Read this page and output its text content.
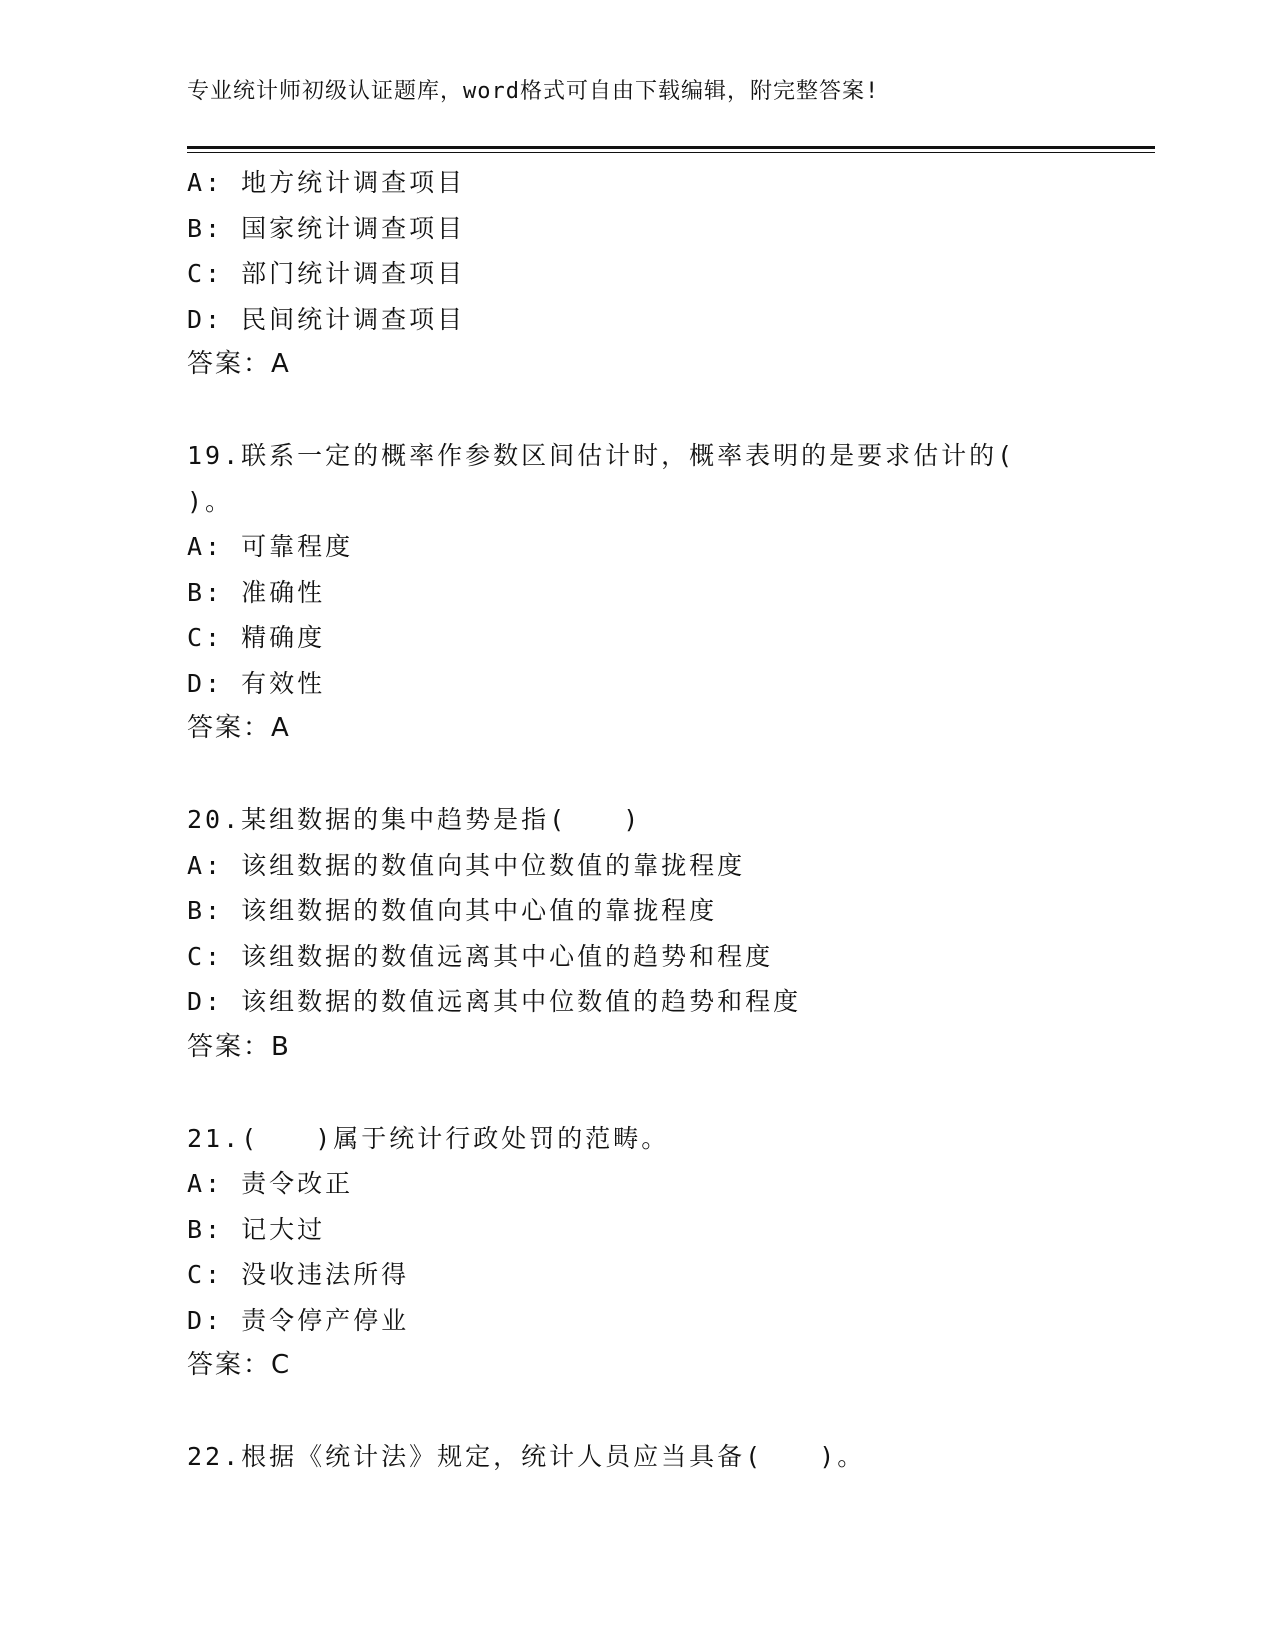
专业统计师初级认证题库，word格式可自由下载编辑，附完整答案!
A: 地方统计调查项目
B: 国家统计调查项目
C: 部门统计调查项目
D: 民间统计调查项目
答案：A
19.联系一定的概率作参数区间估计时，概率表明的是要求估计的(
)。
A: 可靠程度
B: 准确性
C: 精确度
D: 有效性
答案：A
20.某组数据的集中趋势是指(　　)
A: 该组数据的数值向其中位数值的靠拢程度
B: 该组数据的数值向其中心值的靠拢程度
C: 该组数据的数值远离其中心值的趋势和程度
D: 该组数据的数值远离其中位数值的趋势和程度
答案：B
21.(　　)属于统计行政处罚的范畴。
A: 责令改正
B: 记大过
C: 没收违法所得
D: 责令停产停业
答案：C
22.根据《统计法》规定，统计人员应当具备(　　)。
